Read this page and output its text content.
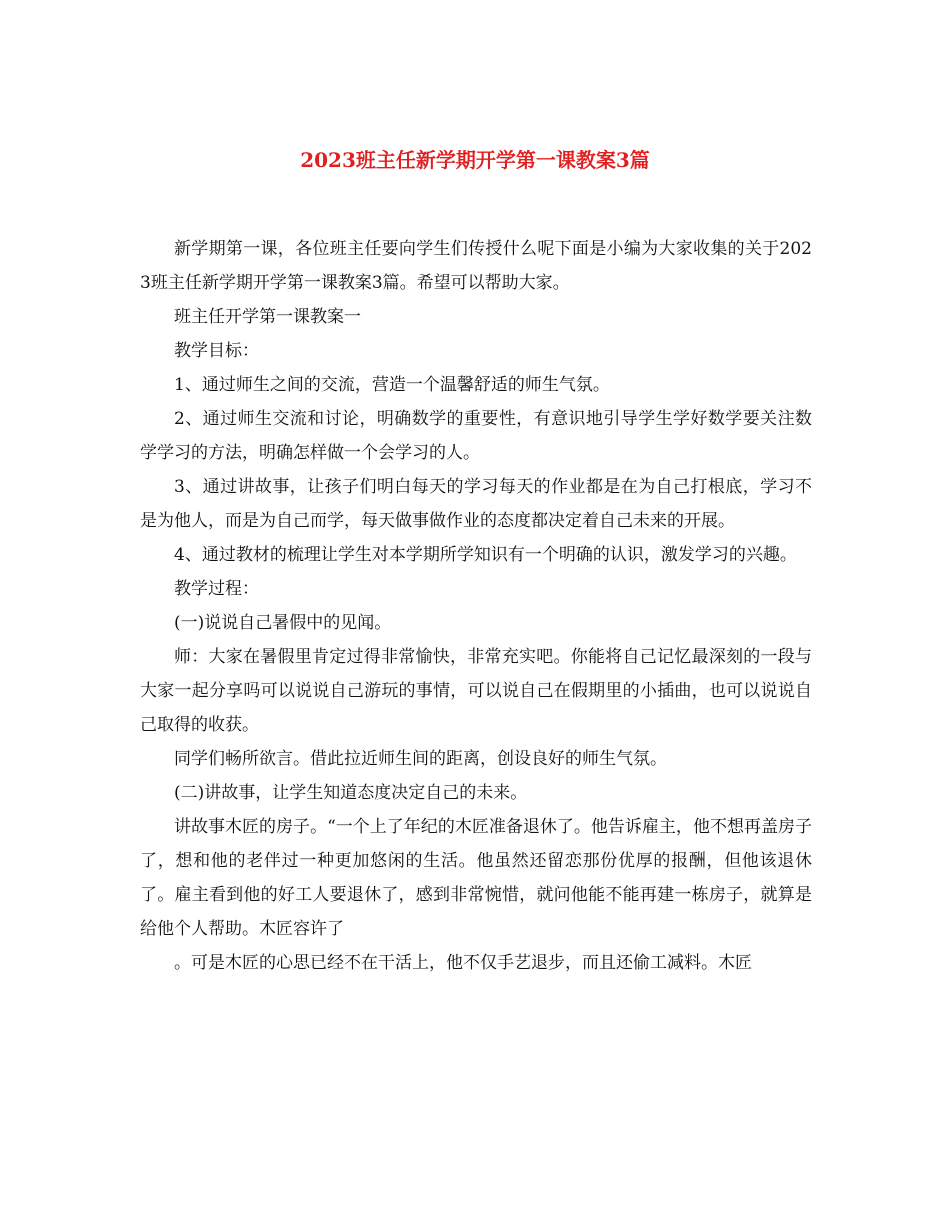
2023班主任新学期开学第一课教案3篇

新学期第一课，各位班主任要向学生们传授什么呢下面是小编为大家收集的关于2023班主任新学期开学第一课教案3篇。希望可以帮助大家。

班主任开学第一课教案一

教学目标：

1、通过师生之间的交流，营造一个温馨舒适的师生气氛。

2、通过师生交流和讨论，明确数学的重要性，有意识地引导学生学好数学要关注数学学习的方法，明确怎样做一个会学习的人。

3、通过讲故事，让孩子们明白每天的学习每天的作业都是在为自己打根底，学习不是为他人，而是为自己而学，每天做事做作业的态度都决定着自己未来的开展。

4、通过教材的梳理让学生对本学期所学知识有一个明确的认识，激发学习的兴趣。

教学过程：

(一)说说自己暑假中的见闻。

师：大家在暑假里肯定过得非常愉快，非常充实吧。你能将自己记忆最深刻的一段与大家一起分享吗可以说说自己游玩的事情，可以说自己在假期里的小插曲，也可以说说自己取得的收获。

同学们畅所欲言。借此拉近师生间的距离，创设良好的师生气氛。

(二)讲故事，让学生知道态度决定自己的未来。

讲故事木匠的房子。“一个上了年纪的木匠准备退休了。他告诉雇主，他不想再盖房子了，想和他的老伴过一种更加悠闲的生活。他虽然还留恋那份优厚的报酬，但他该退休了。雇主看到他的好工人要退休了，感到非常惋惜，就问他能不能再建一栋房子，就算是给他个人帮助。木匠容许了

。可是木匠的心思已经不在干活上，他不仅手艺退步，而且还偷工减料。木匠
